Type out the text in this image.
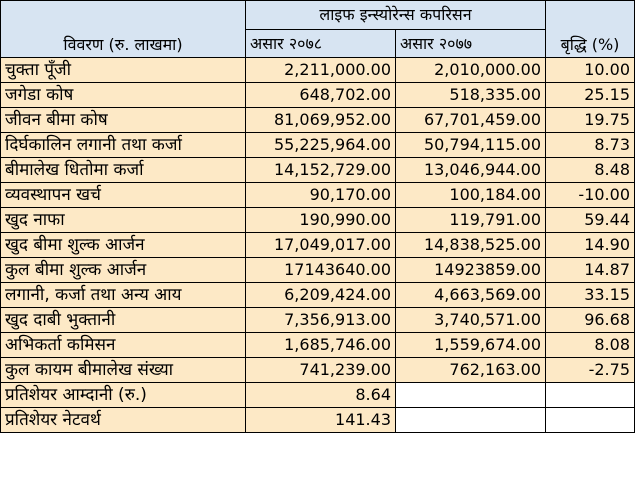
विवरण (रु. लाखमा)	लाइफ इन्स्योरेन्स कपरिसन		बृद्धि (%)
	असार २०७८	असार २०७७	
चुक्ता पूँजी	2,211,000.00	2,010,000.00	10.00
जगेडा कोष	648,702.00	518,335.00	25.15
जीवन बीमा कोष	81,069,952.00	67,701,459.00	19.75
दिर्घकालिन लगानी तथा कर्जा	55,225,964.00	50,794,115.00	8.73
बीमालेख धितोमा कर्जा	14,152,729.00	13,046,944.00	8.48
व्यवस्थापन खर्च	90,170.00	100,184.00	-10.00
खुद नाफा	190,990.00	119,791.00	59.44
खुद बीमा शुल्क आर्जन	17,049,017.00	14,838,525.00	14.90
कुल बीमा शुल्क आर्जन	17143640.00	14923859.00	14.87
लगानी, कर्जा तथा अन्य आय	6,209,424.00	4,663,569.00	33.15
खुद दाबी भुक्तानी	7,356,913.00	3,740,571.00	96.68
अभिकर्ता कमिसन	1,685,746.00	1,559,674.00	8.08
कुल कायम बीमालेख संख्या	741,239.00	762,163.00	-2.75
प्रतिशेयर आम्दानी (रु.)	8.64		
प्रतिशेयर नेटवर्थ	141.43		
